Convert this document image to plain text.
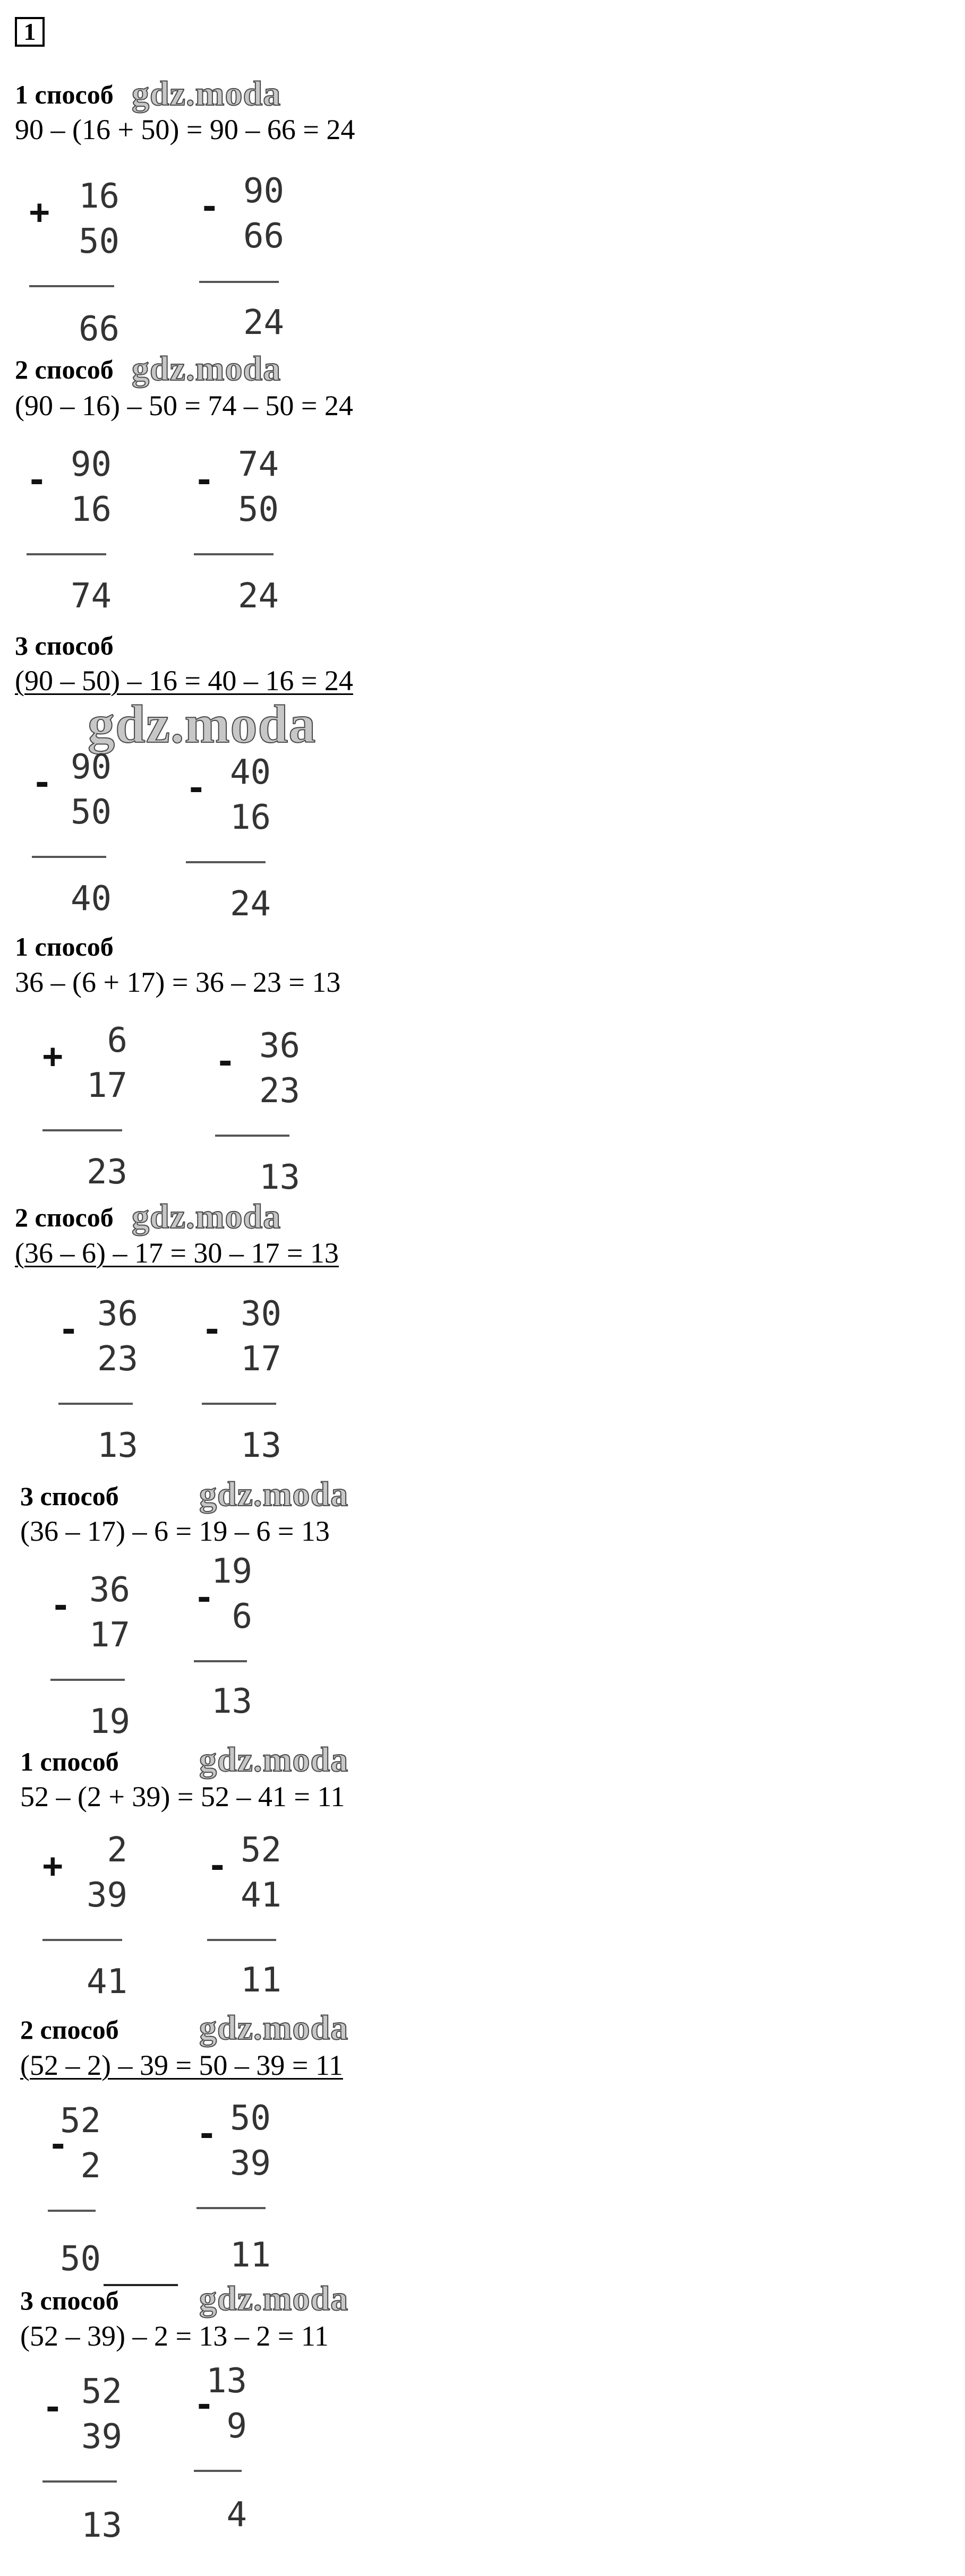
1
1 способ gdz.moda
90 – (16 + 50) = 90 – 66 = 24
+ 16
50
66
- 90
66
24
2 способ gdz.moda
(90 – 16) – 50 = 74 – 50 = 24
- 90
16
74
- 74
50
24
3 способ
(90 – 50) – 16 = 40 – 16 = 24
gdz.moda
- 90
50
40
- 40
16
24
1 способ
36 – (6 + 17) = 36 – 23 = 13
+ 6
17
23
- 36
23
13
2 способ gdz.moda
(36 – 6) – 17 = 30 – 17 = 13
- 36
23
13
- 30
17
13
3 способ gdz.moda
(36 – 17) – 6 = 19 – 6 = 13
- 36
17
19
-
19
6
13
1 способ gdz.moda
52 – (2 + 39) = 52 – 41 = 11
+ 2
39
41
- 52
41
11
2 способ gdz.moda
(52 – 2) – 39 = 50 – 39 = 11
-
52
2
50
- 50
39
11
3 способ gdz.moda
(52 – 39) – 2 = 13 – 2 = 11
- 52
39
13
-
13
9
4
